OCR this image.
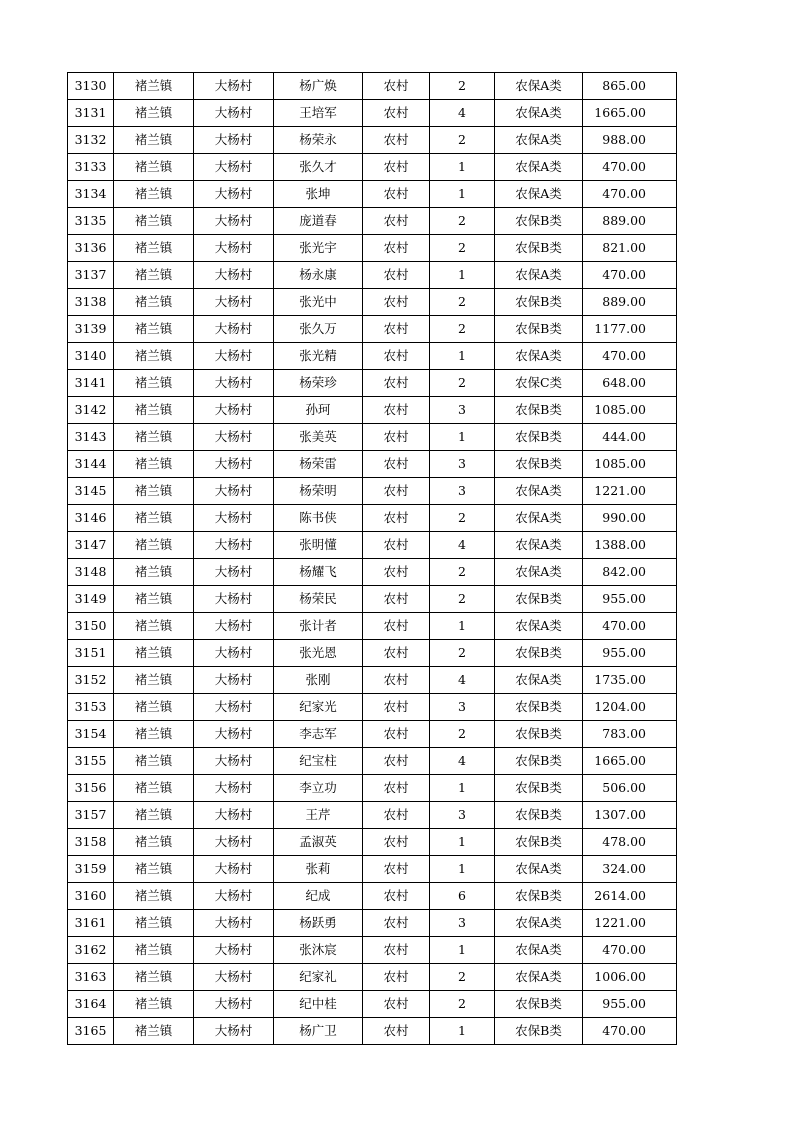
3130	褚兰镇	大杨村	杨广焕	农村	2	农保A类	865.00
3131	褚兰镇	大杨村	王培军	农村	4	农保A类	1665.00
3132	褚兰镇	大杨村	杨荣永	农村	2	农保A类	988.00
3133	褚兰镇	大杨村	张久才	农村	1	农保A类	470.00
3134	褚兰镇	大杨村	张坤	农村	1	农保A类	470.00
3135	褚兰镇	大杨村	庞道春	农村	2	农保B类	889.00
3136	褚兰镇	大杨村	张光宇	农村	2	农保B类	821.00
3137	褚兰镇	大杨村	杨永康	农村	1	农保A类	470.00
3138	褚兰镇	大杨村	张光中	农村	2	农保B类	889.00
3139	褚兰镇	大杨村	张久万	农村	2	农保B类	1177.00
3140	褚兰镇	大杨村	张光精	农村	1	农保A类	470.00
3141	褚兰镇	大杨村	杨荣珍	农村	2	农保C类	648.00
3142	褚兰镇	大杨村	孙珂	农村	3	农保B类	1085.00
3143	褚兰镇	大杨村	张美英	农村	1	农保B类	444.00
3144	褚兰镇	大杨村	杨荣雷	农村	3	农保B类	1085.00
3145	褚兰镇	大杨村	杨荣明	农村	3	农保A类	1221.00
3146	褚兰镇	大杨村	陈书侠	农村	2	农保A类	990.00
3147	褚兰镇	大杨村	张明懂	农村	4	农保A类	1388.00
3148	褚兰镇	大杨村	杨耀飞	农村	2	农保A类	842.00
3149	褚兰镇	大杨村	杨荣民	农村	2	农保B类	955.00
3150	褚兰镇	大杨村	张计者	农村	1	农保A类	470.00
3151	褚兰镇	大杨村	张光恩	农村	2	农保B类	955.00
3152	褚兰镇	大杨村	张刚	农村	4	农保A类	1735.00
3153	褚兰镇	大杨村	纪家光	农村	3	农保B类	1204.00
3154	褚兰镇	大杨村	李志军	农村	2	农保B类	783.00
3155	褚兰镇	大杨村	纪宝柱	农村	4	农保B类	1665.00
3156	褚兰镇	大杨村	李立功	农村	1	农保B类	506.00
3157	褚兰镇	大杨村	王芹	农村	3	农保B类	1307.00
3158	褚兰镇	大杨村	孟淑英	农村	1	农保B类	478.00
3159	褚兰镇	大杨村	张莉	农村	1	农保A类	324.00
3160	褚兰镇	大杨村	纪成	农村	6	农保B类	2614.00
3161	褚兰镇	大杨村	杨跃勇	农村	3	农保A类	1221.00
3162	褚兰镇	大杨村	张沐宸	农村	1	农保A类	470.00
3163	褚兰镇	大杨村	纪家礼	农村	2	农保A类	1006.00
3164	褚兰镇	大杨村	纪中桂	农村	2	农保B类	955.00
3165	褚兰镇	大杨村	杨广卫	农村	1	农保B类	470.00
